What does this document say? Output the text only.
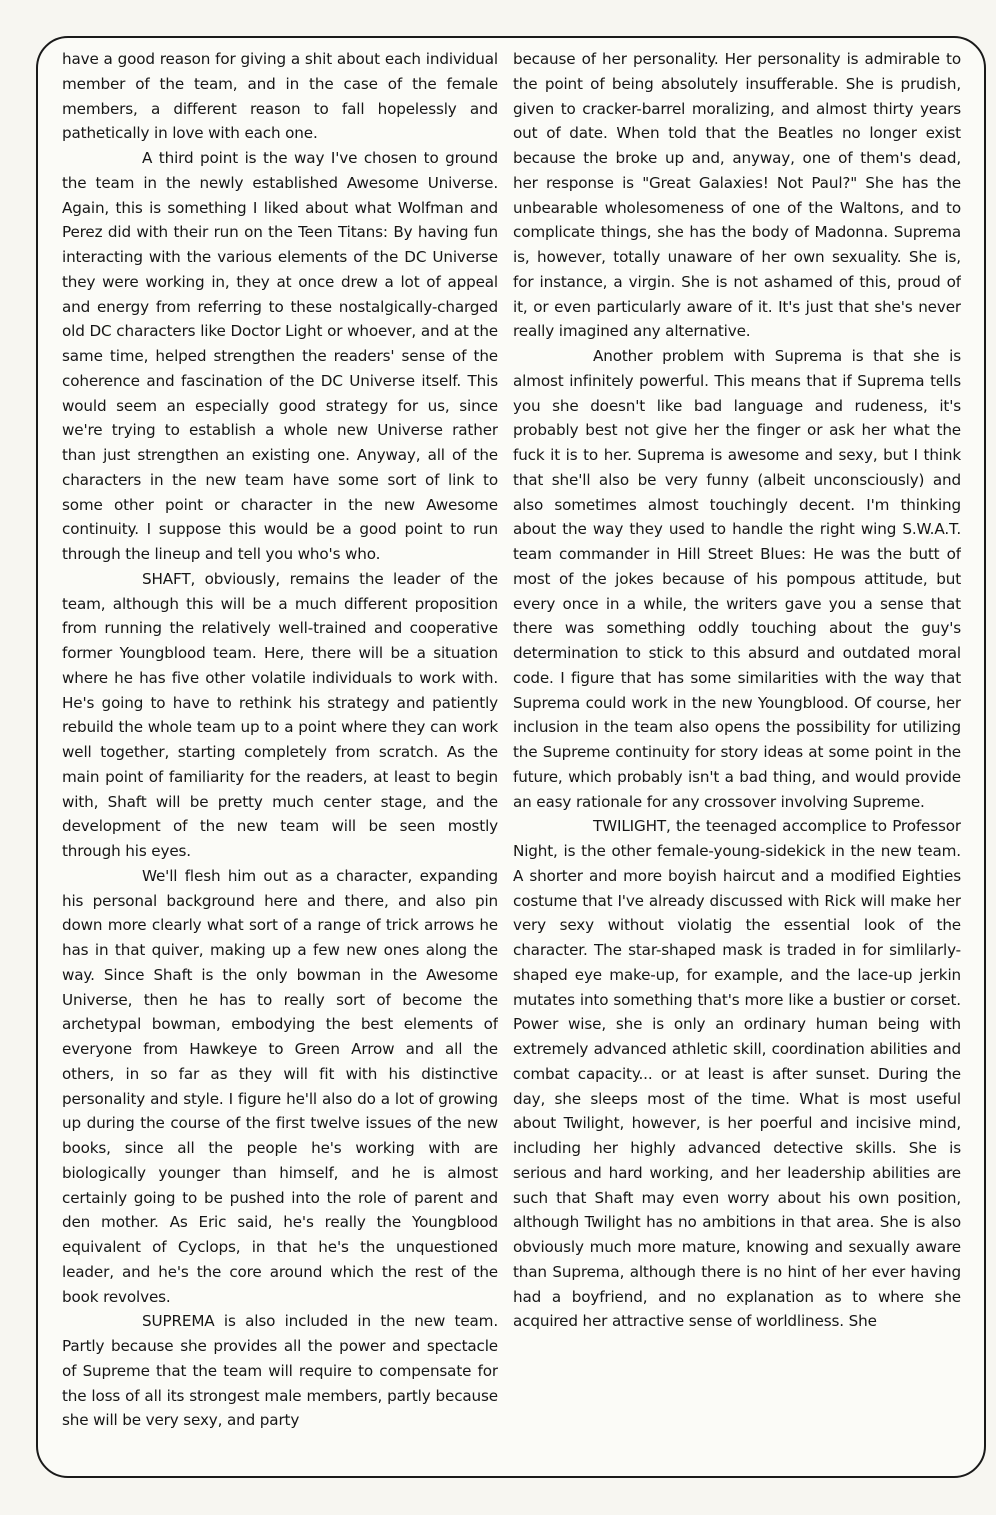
have a good reason for giving a shit about each individual member of the team, and in the case of the female members, a different reason to fall hopelessly and pathetically in love with each one.

A third point is the way I've chosen to ground the team in the newly established Awesome Universe. Again, this is something I liked about what Wolfman and Perez did with their run on the Teen Titans: By having fun interacting with the various elements of the DC Universe they were working in, they at once drew a lot of appeal and energy from referring to these nostalgically-charged old DC characters like Doctor Light or whoever, and at the same time, helped strengthen the readers' sense of the coherence and fascination of the DC Universe itself. This would seem an especially good strategy for us, since we're trying to establish a whole new Universe rather than just strengthen an existing one. Anyway, all of the characters in the new team have some sort of link to some other point or character in the new Awesome continuity. I suppose this would be a good point to run through the lineup and tell you who's who.

SHAFT, obviously, remains the leader of the team, although this will be a much different proposition from running the relatively well-trained and cooperative former Youngblood team. Here, there will be a situation where he has five other volatile individuals to work with. He's going to have to rethink his strategy and patiently rebuild the whole team up to a point where they can work well together, starting completely from scratch. As the main point of familiarity for the readers, at least to begin with, Shaft will be pretty much center stage, and the development of the new team will be seen mostly through his eyes.

We'll flesh him out as a character, expanding his personal background here and there, and also pin down more clearly what sort of a range of trick arrows he has in that quiver, making up a few new ones along the way. Since Shaft is the only bowman in the Awesome Universe, then he has to really sort of become the archetypal bowman, embodying the best elements of everyone from Hawkeye to Green Arrow and all the others, in so far as they will fit with his distinctive personality and style. I figure he'll also do a lot of growing up during the course of the first twelve issues of the new books, since all the people he's working with are biologically younger than himself, and he is almost certainly going to be pushed into the role of parent and den mother. As Eric said, he's really the Youngblood equivalent of Cyclops, in that he's the unquestioned leader, and he's the core around which the rest of the book revolves.

SUPREMA is also included in the new team. Partly because she provides all the power and spectacle of Supreme that the team will require to compensate for the loss of all its strongest male members, partly because she will be very sexy, and party

because of her personality. Her personality is admirable to the point of being absolutely insufferable. She is prudish, given to cracker-barrel moralizing, and almost thirty years out of date. When told that the Beatles no longer exist because the broke up and, anyway, one of them's dead, her response is "Great Galaxies! Not Paul?" She has the unbearable wholesomeness of one of the Waltons, and to complicate things, she has the body of Madonna. Suprema is, however, totally unaware of her own sexuality. She is, for instance, a virgin. She is not ashamed of this, proud of it, or even particularly aware of it. It's just that she's never really imagined any alternative.

Another problem with Suprema is that she is almost infinitely powerful. This means that if Suprema tells you she doesn't like bad language and rudeness, it's probably best not give her the finger or ask her what the fuck it is to her. Suprema is awesome and sexy, but I think that she'll also be very funny (albeit unconsciously) and also sometimes almost touchingly decent. I'm thinking about the way they used to handle the right wing S.W.A.T. team commander in Hill Street Blues: He was the butt of most of the jokes because of his pompous attitude, but every once in a while, the writers gave you a sense that there was something oddly touching about the guy's determination to stick to this absurd and outdated moral code. I figure that has some similarities with the way that Suprema could work in the new Youngblood. Of course, her inclusion in the team also opens the possibility for utilizing the Supreme continuity for story ideas at some point in the future, which probably isn't a bad thing, and would provide an easy rationale for any crossover involving Supreme.

TWILIGHT, the teenaged accomplice to Professor Night, is the other female-young-sidekick in the new team. A shorter and more boyish haircut and a modified Eighties costume that I've already discussed with Rick will make her very sexy without violatig the essential look of the character. The star-shaped mask is traded in for simlilarly-shaped eye make-up, for example, and the lace-up jerkin mutates into something that's more like a bustier or corset. Power wise, she is only an ordinary human being with extremely advanced athletic skill, coordination abilities and combat capacity... or at least is after sunset. During the day, she sleeps most of the time. What is most useful about Twilight, however, is her poerful and incisive mind, including her highly advanced detective skills. She is serious and hard working, and her leadership abilities are such that Shaft may even worry about his own position, although Twilight has no ambitions in that area. She is also obviously much more mature, knowing and sexually aware than Suprema, although there is no hint of her ever having had a boyfriend, and no explanation as to where she acquired her attractive sense of worldliness. She
